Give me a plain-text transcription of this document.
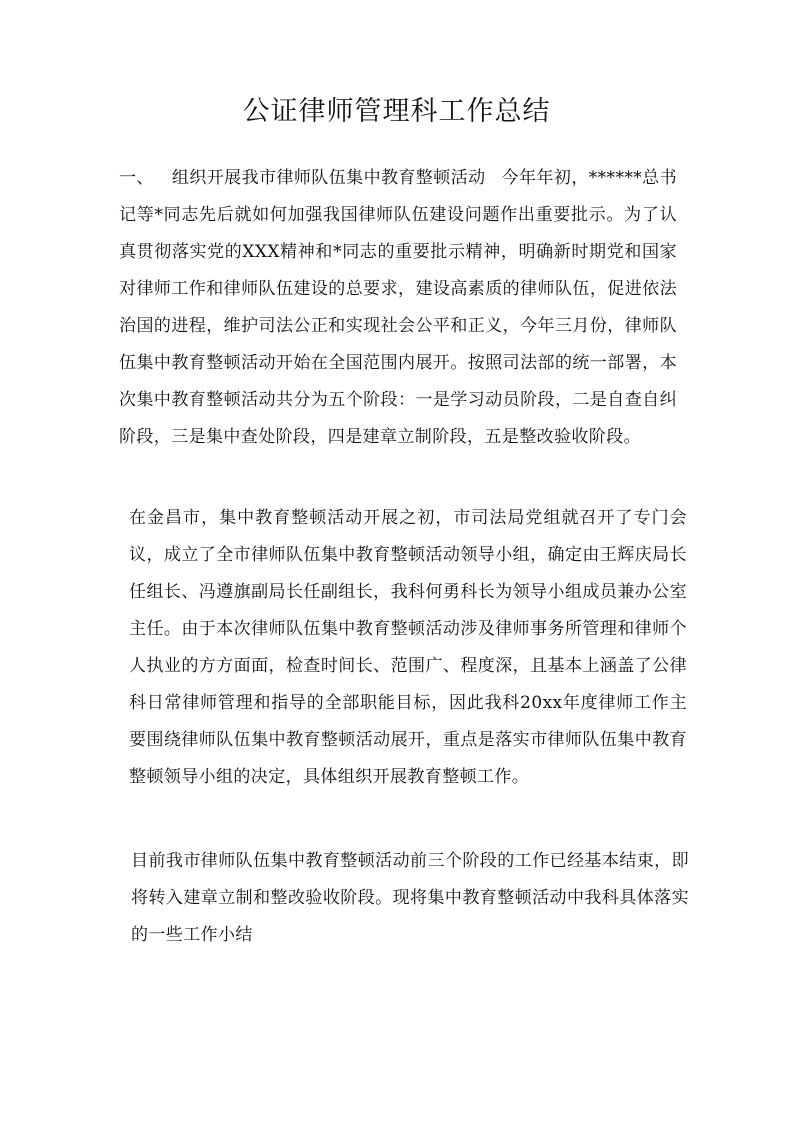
公证律师管理科工作总结

一、 组织开展我市律师队伍集中教育整顿活动 今年年初，******总书记等*同志先后就如何加强我国律师队伍建设问题作出重要批示。为了认真贯彻落实党的XXX精神和*同志的重要批示精神，明确新时期党和国家对律师工作和律师队伍建设的总要求，建设高素质的律师队伍，促进依法治国的进程，维护司法公正和实现社会公平和正义，今年三月份，律师队伍集中教育整顿活动开始在全国范围内展开。按照司法部的统一部署，本次集中教育整顿活动共分为五个阶段：一是学习动员阶段，二是自查自纠阶段，三是集中查处阶段，四是建章立制阶段，五是整改验收阶段。

在金昌市，集中教育整顿活动开展之初，市司法局党组就召开了专门会议，成立了全市律师队伍集中教育整顿活动领导小组，确定由王辉庆局长任组长、冯遵旗副局长任副组长，我科何勇科长为领导小组成员兼办公室主任。由于本次律师队伍集中教育整顿活动涉及律师事务所管理和律师个人执业的方方面面，检查时间长、范围广、程度深，且基本上涵盖了公律科日常律师管理和指导的全部职能目标，因此我科20xx年度律师工作主要围绕律师队伍集中教育整顿活动展开，重点是落实市律师队伍集中教育整顿领导小组的决定，具体组织开展教育整顿工作。

目前我市律师队伍集中教育整顿活动前三个阶段的工作已经基本结束，即将转入建章立制和整改验收阶段。现将集中教育整顿活动中我科具体落实的一些工作小结
